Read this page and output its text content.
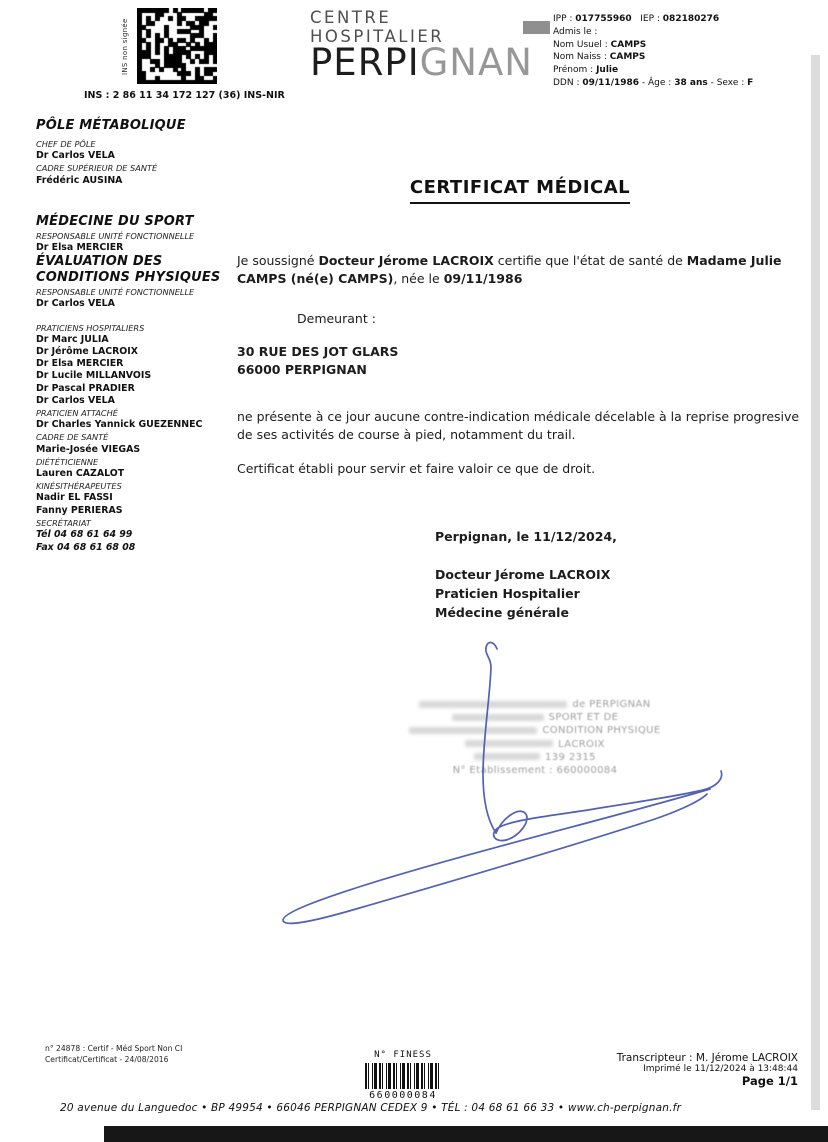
INS non signée
INS : 2 86 11 34 172 127 (36) INS-NIR
CENTRE HOSPITALIER
PERPIGNAN
IPP : 017755960 IEP : 082180276
Admis le :
Nom Usuel : CAMPS
Nom Naiss : CAMPS
Prénom : Julie
DDN : 09/11/1986 - Âge : 38 ans - Sexe : F
PÔLE MÉTABOLIQUE
CHEF DE PÔLE
Dr Carlos VELA
CADRE SUPÉRIEUR DE SANTÉ
Frédéric AUSINA
MÉDECINE DU SPORT
RESPONSABLE UNITÉ FONCTIONNELLE
Dr Elsa MERCIER
ÉVALUATION DES CONDITIONS PHYSIQUES
RESPONSABLE UNITÉ FONCTIONNELLE
Dr Carlos VELA
PRATICIENS HOSPITALIERS
Dr Marc JULIA
Dr Jérôme LACROIX
Dr Elsa MERCIER
Dr Lucile MILLANVOIS
Dr Pascal PRADIER
Dr Carlos VELA
PRATICIEN ATTACHÉ
Dr Charles Yannick GUEZENNEC
CADRE DE SANTÉ
Marie-Josée VIEGAS
DIÉTÉTICIENNE
Lauren CAZALOT
KINÉSITHÉRAPEUTES
Nadir EL FASSI
Fanny PERIERAS
SECRÉTARIAT
Tél 04 68 61 64 99
Fax 04 68 61 68 08
CERTIFICAT MÉDICAL
Je soussigné Docteur Jérome LACROIX certifie que l'état de santé de Madame Julie CAMPS (né(e) CAMPS), née le 09/11/1986
Demeurant :
30 RUE DES JOT GLARS
66000 PERPIGNAN
ne présente à ce jour aucune contre-indication médicale décelable à la reprise progresive de ses activités de course à pied, notamment du trail.
Certificat établi pour servir et faire valoir ce que de droit.
Perpignan, le 11/12/2024,
Docteur Jérome LACROIX
Praticien Hospitalier
Médecine générale
de PERPIGNAN
SPORT ET DE
CONDITION PHYSIQUE
LACROIX
139 2315
N° Etablissement : 660000084
n° 24878 : Certif - Méd Sport Non CI
Certificat/Certificat - 24/08/2016	N° FINESS
660000084
Transcripteur : M. Jérome LACROIX
Imprimé le 11/12/2024 à 13:48:44
Page 1/1
20 avenue du Languedoc • BP 49954 • 66046 PERPIGNAN CEDEX 9 • TÉL : 04 68 61 66 33 • www.ch-perpignan.fr
